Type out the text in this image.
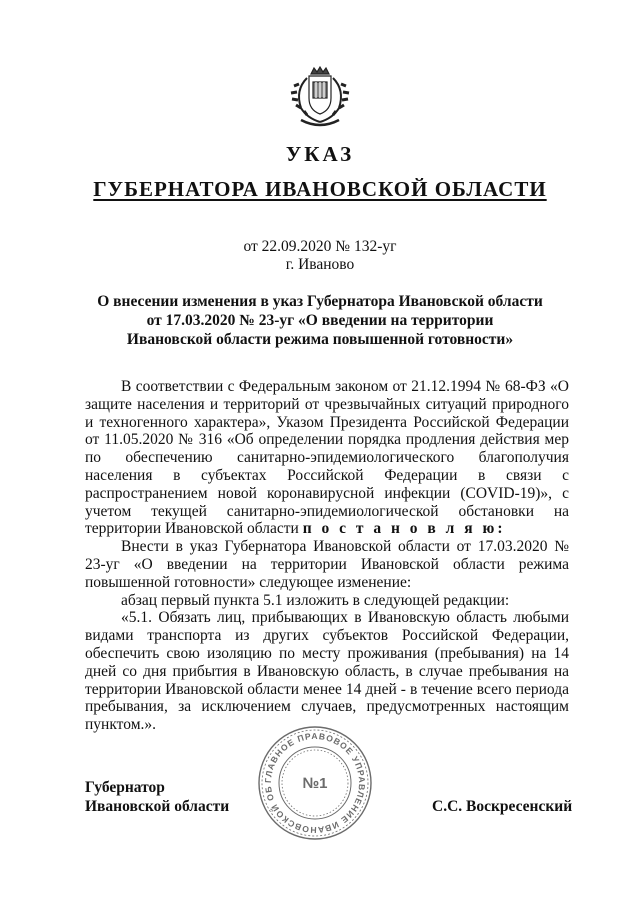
УКАЗ
ГУБЕРНАТОРА ИВАНОВСКОЙ ОБЛАСТИ
от 22.09.2020 № 132-уг
г. Иваново
О внесении изменения в указ Губернатора Ивановской области
от 17.03.2020 № 23-уг «О введении на территории
Ивановской области режима повышенной готовности»

В соответствии с Федеральным законом от 21.12.1994 № 68-ФЗ «О защите населения и территорий от чрезвычайных ситуаций природного и техногенного характера», Указом Президента Российской Федерации от 11.05.2020 № 316 «Об определении порядка продления действия мер по обеспечению санитарно-эпидемиологического благополучия населения в субъектах Российской Федерации в связи с распространением новой коронавирусной инфекции (COVID-19)», с учетом текущей санитарно-эпидемиологической обстановки на территории Ивановской области п о с т а н о в л я ю:

Внести в указ Губернатора Ивановской области от 17.03.2020 № 23-уг «О введении на территории Ивановской области режима повышенной готовности» следующее изменение:

абзац первый пункта 5.1 изложить в следующей редакции:

«5.1. Обязать лиц, прибывающих в Ивановскую область любыми видами транспорта из других субъектов Российской Федерации, обеспечить свою изоляцию по месту проживания (пребывания) на 14 дней со дня прибытия в Ивановскую область, в случае пребывания на территории Ивановской области менее 14 дней - в течение всего периода пребывания, за исключением случаев, предусмотренных настоящим пунктом.».

ГЛАВНОЕ ПРАВОВОЕ УПРАВЛЕНИЕ ИВАНОВСКОЙ ОБ	№1
Губернатор
Ивановской области	С.С. Воскресенский
